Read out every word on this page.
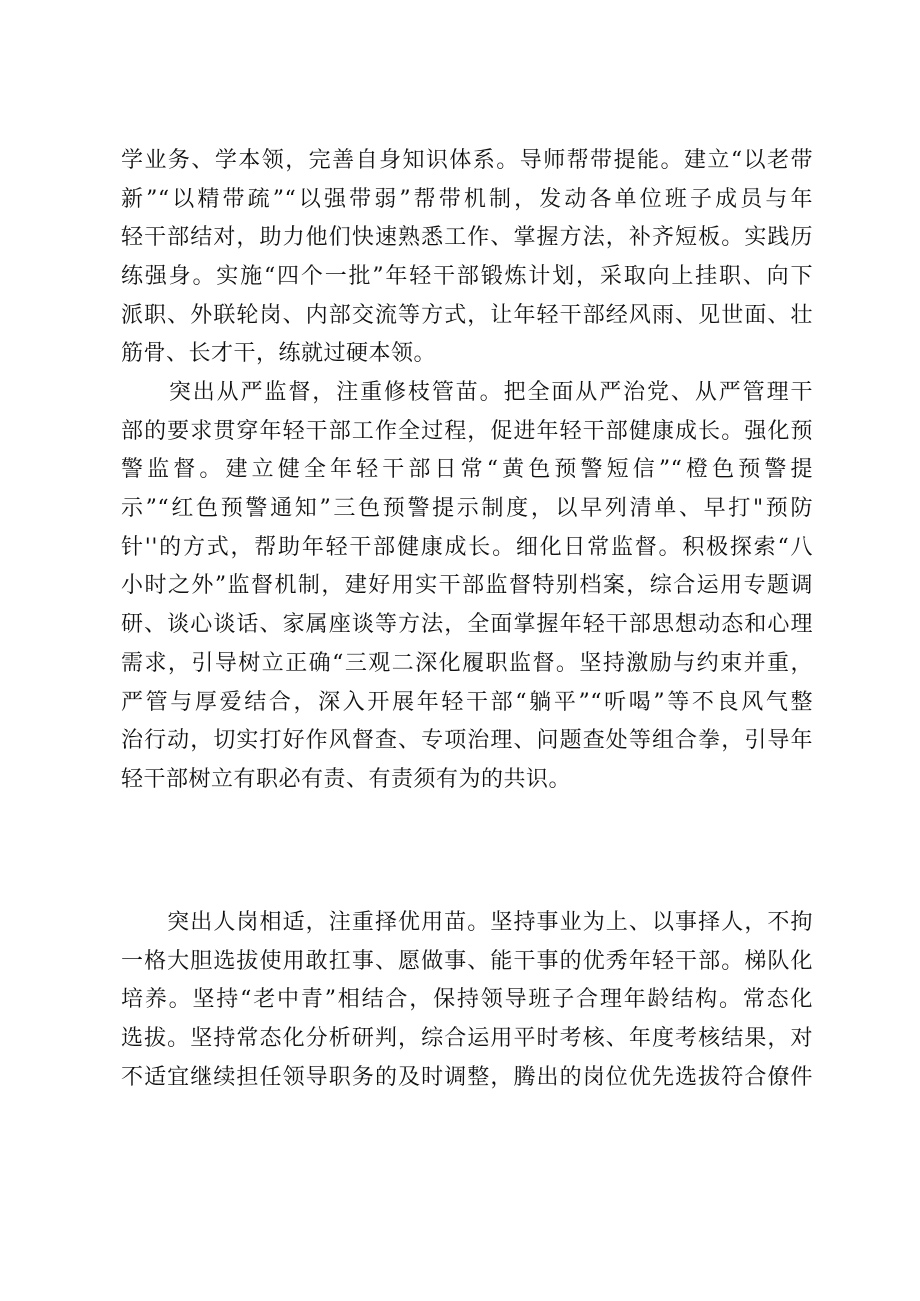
学业务、学本领，完善自身知识体系。导师帮带提能。建立“以老带
新”“以精带疏”“以强带弱”帮带机制，发动各单位班子成员与年
轻干部结对，助力他们快速熟悉工作、掌握方法，补齐短板。实践历
练强身。实施“四个一批”年轻干部锻炼计划，采取向上挂职、向下
派职、外联轮岗、内部交流等方式，让年轻干部经风雨、见世面、壮
筋骨、长才干，练就过硬本领。
　　突出从严监督，注重修枝管苗。把全面从严治党、从严管理干
部的要求贯穿年轻干部工作全过程，促进年轻干部健康成长。强化预
警监督。建立健全年轻干部日常“黄色预警短信”“橙色预警提
示”“红色预警通知”三色预警提示制度，以早列清单、早打"预防
针''的方式，帮助年轻干部健康成长。细化日常监督。积极探索“八
小时之外”监督机制，建好用实干部监督特别档案，综合运用专题调
研、谈心谈话、家属座谈等方法，全面掌握年轻干部思想动态和心理
需求，引导树立正确“三观二深化履职监督。坚持激励与约束并重，
严管与厚爱结合，深入开展年轻干部“躺平”“听喝”等不良风气整
治行动，切实打好作风督查、专项治理、问题查处等组合拳，引导年
轻干部树立有职必有责、有责须有为的共识。
　　突出人岗相适，注重择优用苗。坚持事业为上、以事择人，不拘
一格大胆选拔使用敢扛事、愿做事、能干事的优秀年轻干部。梯队化
培养。坚持“老中青”相结合，保持领导班子合理年龄结构。常态化
选拔。坚持常态化分析研判，综合运用平时考核、年度考核结果，对
不适宜继续担任领导职务的及时调整，腾出的岗位优先选拔符合僚件
